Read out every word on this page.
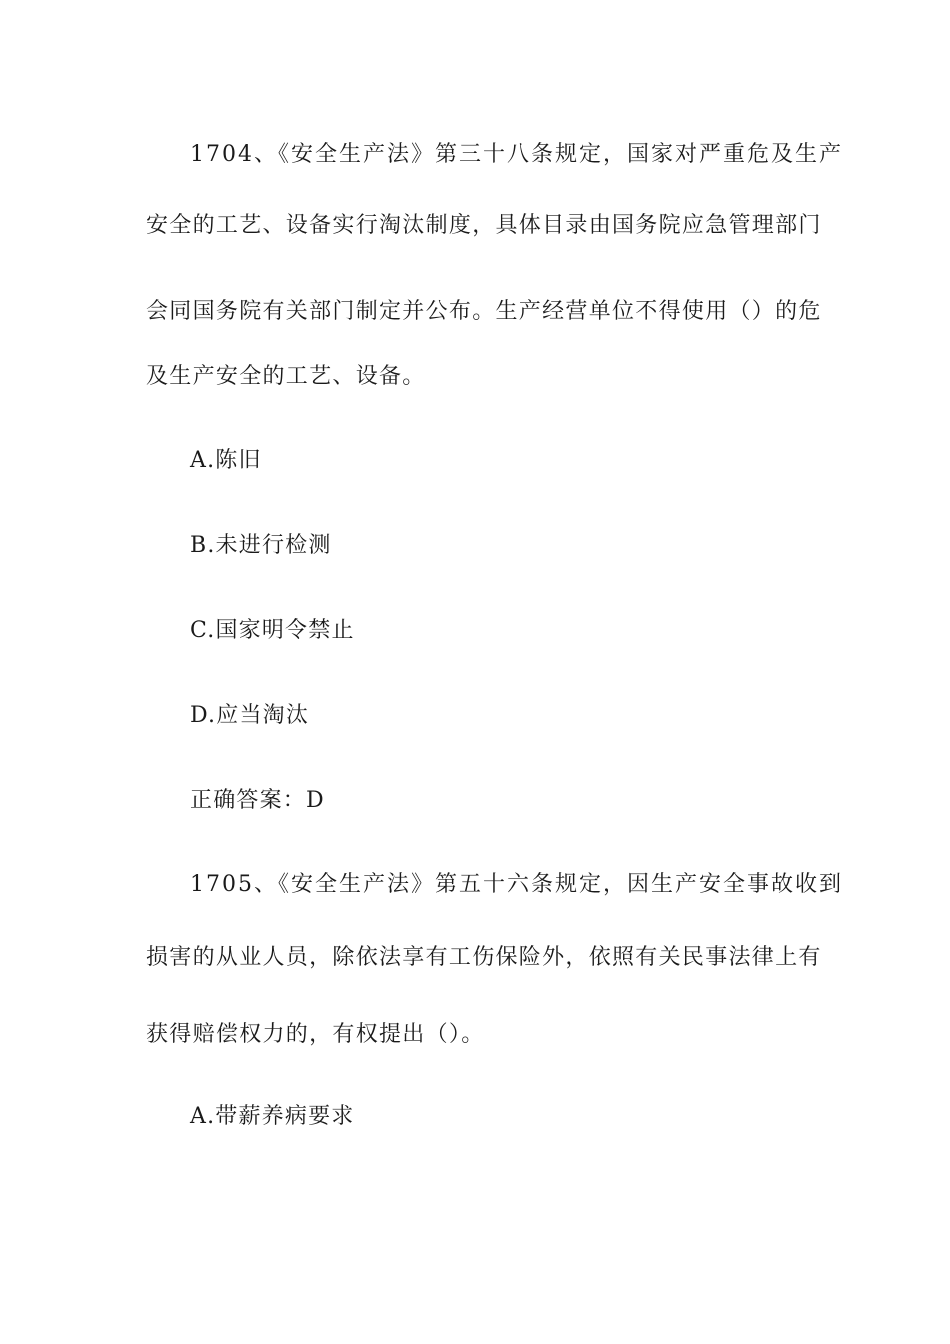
1704、《安全生产法》第三十八条规定，国家对严重危及生产
安全的工艺、设备实行淘汰制度，具体目录由国务院应急管理部门
会同国务院有关部门制定并公布。生产经营单位不得使用（）的危
及生产安全的工艺、设备。
A.陈旧
B.未进行检测
C.国家明令禁止
D.应当淘汰
正确答案：D
1705、《安全生产法》第五十六条规定，因生产安全事故收到
损害的从业人员，除依法享有工伤保险外，依照有关民事法律上有
获得赔偿权力的，有权提出（）。
A.带薪养病要求
